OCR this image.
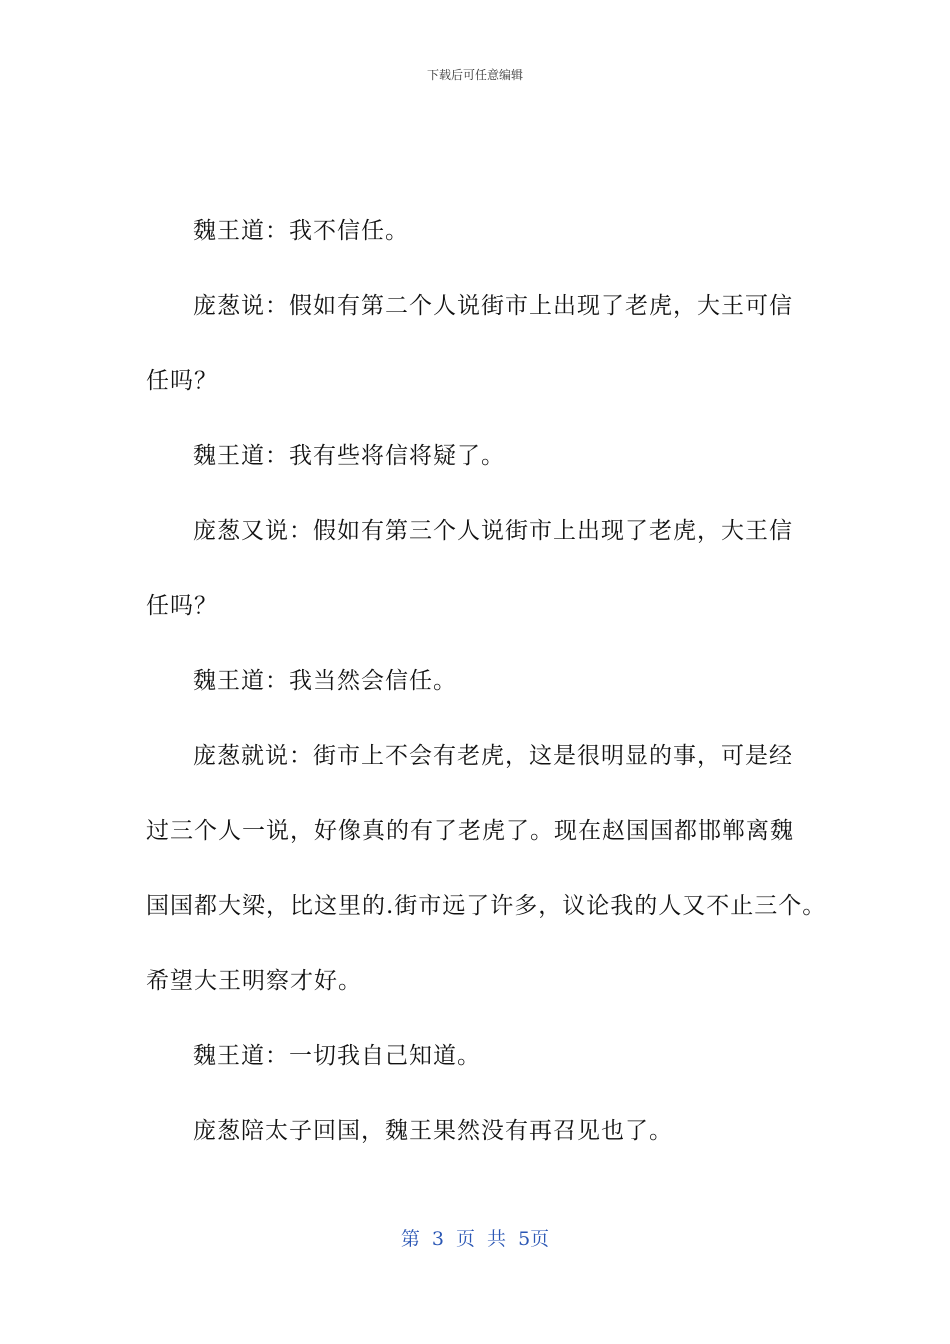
下载后可任意编辑

魏王道：我不信任。

庞葱说：假如有第二个人说街市上出现了老虎，大王可信

任吗？

魏王道：我有些将信将疑了。

庞葱又说：假如有第三个人说街市上出现了老虎，大王信

任吗？

魏王道：我当然会信任。

庞葱就说：街市上不会有老虎，这是很明显的事，可是经

过三个人一说，好像真的有了老虎了。现在赵国国都邯郸离魏

国国都大梁，比这里的.街市远了许多，议论我的人又不止三个。

希望大王明察才好。

魏王道：一切我自己知道。

庞葱陪太子回国，魏王果然没有再召见也了。

第 3 页 共 5页
